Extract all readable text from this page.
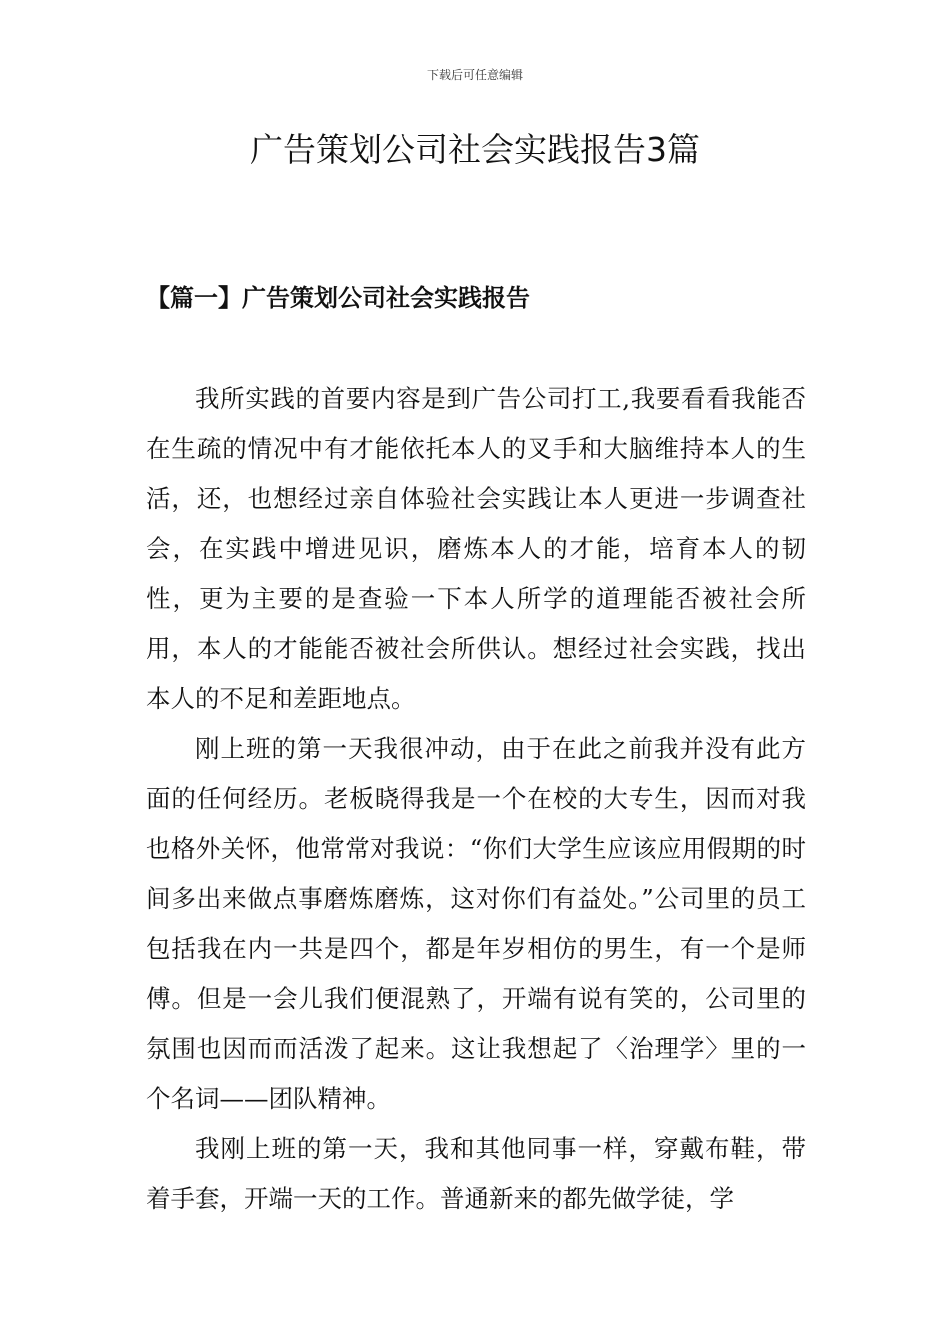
下载后可任意编辑
广告策划公司社会实践报告3篇
【篇一】广告策划公司社会实践报告

我所实践的首要内容是到广告公司打工,我要看看我能否在生疏的情况中有才能依托本人的叉手和大脑维持本人的生活，还，也想经过亲自体验社会实践让本人更进一步调查社会，在实践中增进见识，磨炼本人的才能，培育本人的韧性，更为主要的是查验一下本人所学的道理能否被社会所用，本人的才能能否被社会所供认。想经过社会实践，找出本人的不足和差距地点。

刚上班的第一天我很冲动，由于在此之前我并没有此方面的任何经历。老板晓得我是一个在校的大专生，因而对我也格外关怀，他常常对我说：“你们大学生应该应用假期的时间多出来做点事磨炼磨炼，这对你们有益处。”公司里的员工包括我在内一共是四个，都是年岁相仿的男生，有一个是师傅。但是一会儿我们便混熟了，开端有说有笑的，公司里的氛围也因而而活泼了起来。这让我想起了〈治理学〉里的一个名词——团队精神。

我刚上班的第一天，我和其他同事一样，穿戴布鞋，带着手套，开端一天的工作。普通新来的都先做学徒，学
